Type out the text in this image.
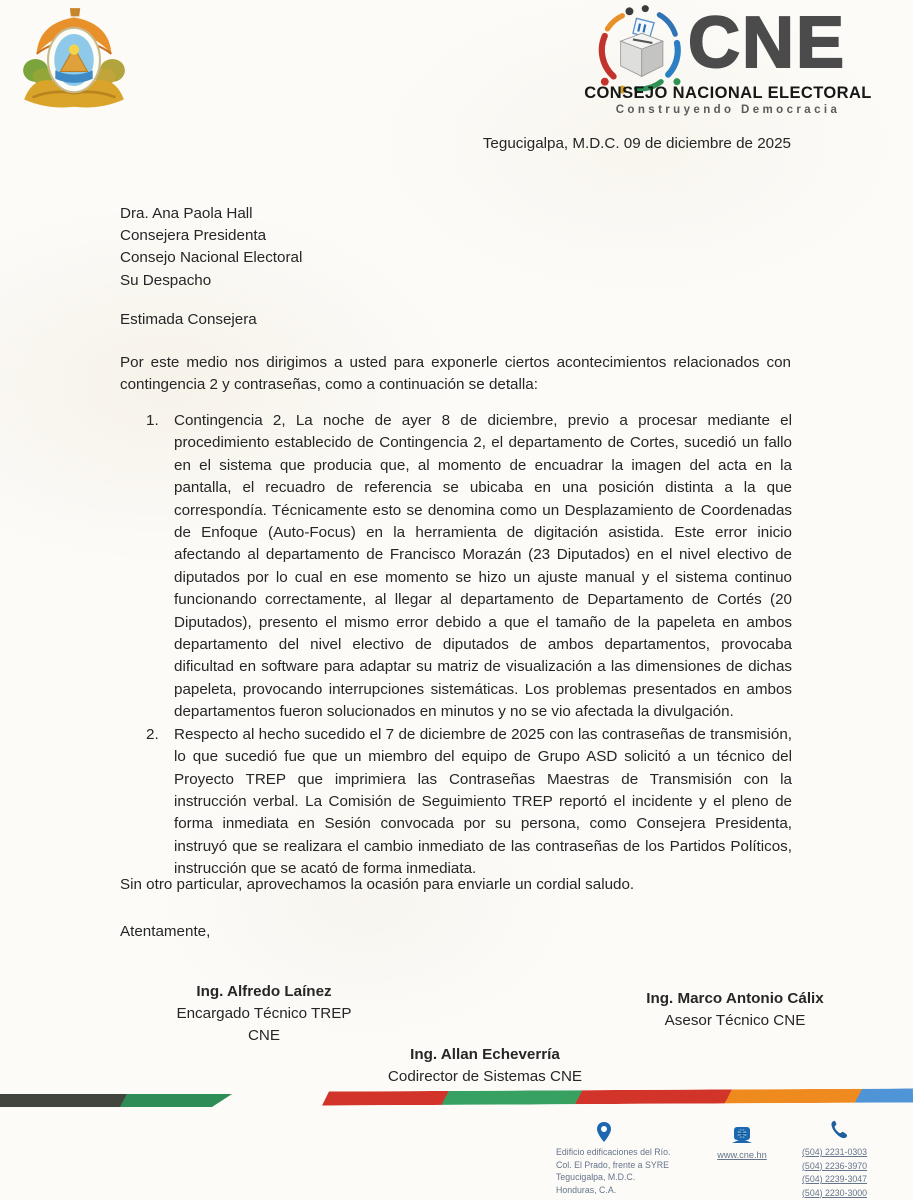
CNE
CONSEJO NACIONAL ELECTORAL
Construyendo Democracia
Tegucigalpa, M.D.C. 09 de diciembre de 2025
Dra. Ana Paola Hall
Consejera Presidenta
Consejo Nacional Electoral
Su Despacho
Estimada Consejera
Por este medio nos dirigimos a usted para exponerle ciertos acontecimientos relacionados con contingencia 2 y contraseñas, como a continuación se detalla:
1.	Contingencia 2, La noche de ayer 8 de diciembre, previo a procesar mediante el procedimiento establecido de Contingencia 2, el departamento de Cortes, sucedió un fallo en el sistema que producia que, al momento de encuadrar la imagen del acta en la pantalla, el recuadro de referencia se ubicaba en una posición distinta a la que correspondía. Técnicamente esto se denomina como un Desplazamiento de Coordenadas de Enfoque (Auto-Focus) en la herramienta de digitación asistida. Este error inicio afectando al departamento de Francisco Morazán (23 Diputados) en el nivel electivo de diputados por lo cual en ese momento se hizo un ajuste manual y el sistema continuo funcionando correctamente, al llegar al departamento de Departamento de Cortés (20 Diputados), presento el mismo error debido a que el tamaño de la papeleta en ambos departamento del nivel electivo de diputados de ambos departamentos, provocaba dificultad en software para adaptar su matriz de visualización a las dimensiones de dichas papeleta, provocando interrupciones sistemáticas. Los problemas presentados en ambos departamentos fueron solucionados en minutos y no se vio afectada la divulgación.
2.	Respecto al hecho sucedido el 7 de diciembre de 2025 con las contraseñas de transmisión, lo que sucedió fue que un miembro del equipo de Grupo ASD solicitó a un técnico del Proyecto TREP que imprimiera las Contraseñas Maestras de Transmisión con la instrucción verbal. La Comisión de Seguimiento TREP reportó el incidente y el pleno de forma inmediata en Sesión convocada por su persona, como Consejera Presidenta, instruyó que se realizara el cambio inmediato de las contraseñas de los Partidos Políticos, instrucción que se acató de forma inmediata.
Sin otro particular, aprovechamos la ocasión para enviarle un cordial saludo.
Atentamente,
Ing. Alfredo Laínez
Encargado Técnico TREP
CNE
Ing. Marco Antonio Cálix
Asesor Técnico CNE
Ing. Allan Echeverría
Codirector de Sistemas CNE
Edificio edificaciones del Río.
Col. El Prado, frente a SYRE
Tegucigalpa, M.D.C.
Honduras, C.A.
www.cne.hn	(504) 2231-0303
(504) 2236-3970
(504) 2239-3047
(504) 2230-3000
